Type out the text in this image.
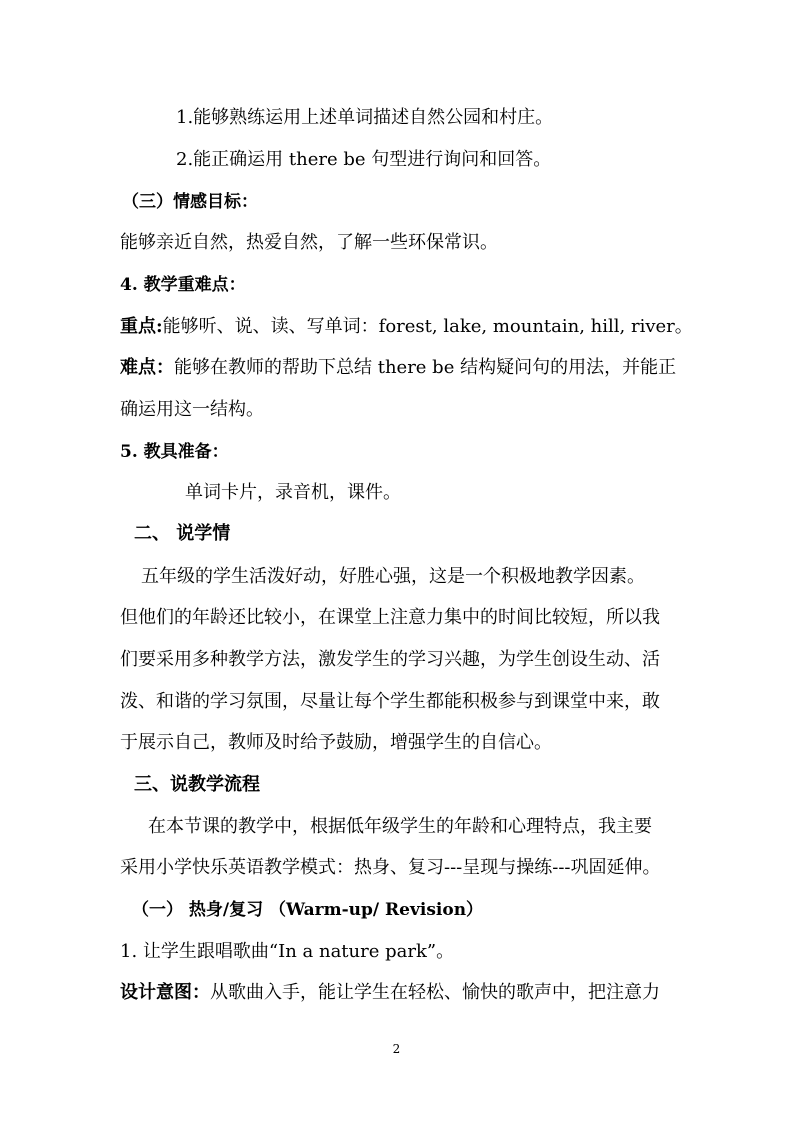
1.能够熟练运用上述单词描述自然公园和村庄。
2.能正确运用 there be 句型进行询问和回答。
（三）情感目标：
能够亲近自然，热爱自然，了解一些环保常识。
4. 教学重难点：
重点:能够听、说、读、写单词：forest, lake, mountain, hill, river。
难点：能够在教师的帮助下总结 there be 结构疑问句的用法，并能正
确运用这一结构。
5. 教具准备：
单词卡片，录音机，课件。
二、 说学情
五年级的学生活泼好动，好胜心强，这是一个积极地教学因素。
但他们的年龄还比较小，在课堂上注意力集中的时间比较短，所以我
们要采用多种教学方法，激发学生的学习兴趣，为学生创设生动、活
泼、和谐的学习氛围，尽量让每个学生都能积极参与到课堂中来，敢
于展示自己，教师及时给予鼓励，增强学生的自信心。
三、说教学流程
在本节课的教学中，根据低年级学生的年龄和心理特点，我主要
采用小学快乐英语教学模式：热身、复习---呈现与操练---巩固延伸。
（一） 热身/复习 （Warm-up/ Revision）
1. 让学生跟唱歌曲“In a nature park”。
设计意图：从歌曲入手，能让学生在轻松、愉快的歌声中，把注意力
2
